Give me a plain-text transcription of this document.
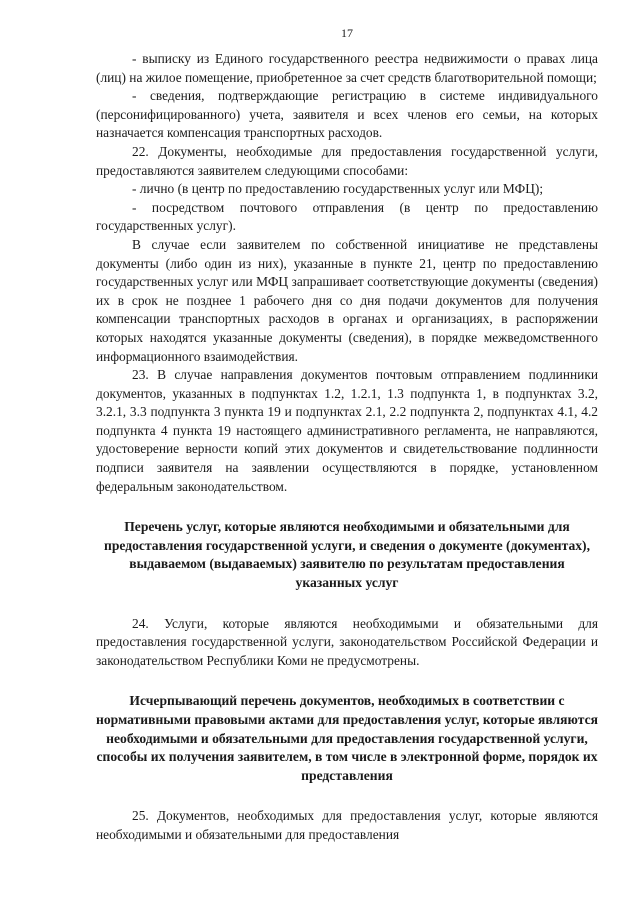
17

- выписку из Единого государственного реестра недвижимости о правах лица (лиц) на жилое помещение, приобретенное за счет средств благотворительной помощи;

- сведения, подтверждающие регистрацию в системе индивидуального (персонифицированного) учета, заявителя и всех членов его семьи, на которых назначается компенсация транспортных расходов.

22. Документы, необходимые для предоставления государственной услуги, предоставляются заявителем следующими способами:

- лично (в центр по предоставлению государственных услуг или МФЦ);

- посредством почтового отправления (в центр по предоставлению государственных услуг).

В случае если заявителем по собственной инициативе не представлены документы (либо один из них), указанные в пункте 21, центр по предоставлению государственных услуг или МФЦ запрашивает соответствующие документы (сведения) их в срок не позднее 1 рабочего дня со дня подачи документов для получения компенсации транспортных расходов в органах и организациях, в распоряжении которых находятся указанные документы (сведения), в порядке межведомственного информационного взаимодействия.

23. В случае направления документов почтовым отправлением подлинники документов, указанных в подпунктах 1.2, 1.2.1, 1.3 подпункта 1, в подпунктах 3.2, 3.2.1, 3.3 подпункта 3 пункта 19 и подпунктах 2.1, 2.2 подпункта 2, подпунктах 4.1, 4.2 подпункта 4 пункта 19 настоящего административного регламента, не направляются, удостоверение верности копий этих документов и свидетельствование подлинности подписи заявителя на заявлении осуществляются в порядке, установленном федеральным законодательством.

Перечень услуг, которые являются необходимыми и обязательными для предоставления государственной услуги, и сведения о документе (документах), выдаваемом (выдаваемых) заявителю по результатам предоставления указанных услуг

24. Услуги, которые являются необходимыми и обязательными для предоставления государственной услуги, законодательством Российской Федерации и законодательством Республики Коми не предусмотрены.

Исчерпывающий перечень документов, необходимых в соответствии с нормативными правовыми актами для предоставления услуг, которые являются необходимыми и обязательными для предоставления государственной услуги, способы их получения заявителем, в том числе в электронной форме, порядок их представления

25. Документов, необходимых для предоставления услуг, которые являются необходимыми и обязательными для предоставления
